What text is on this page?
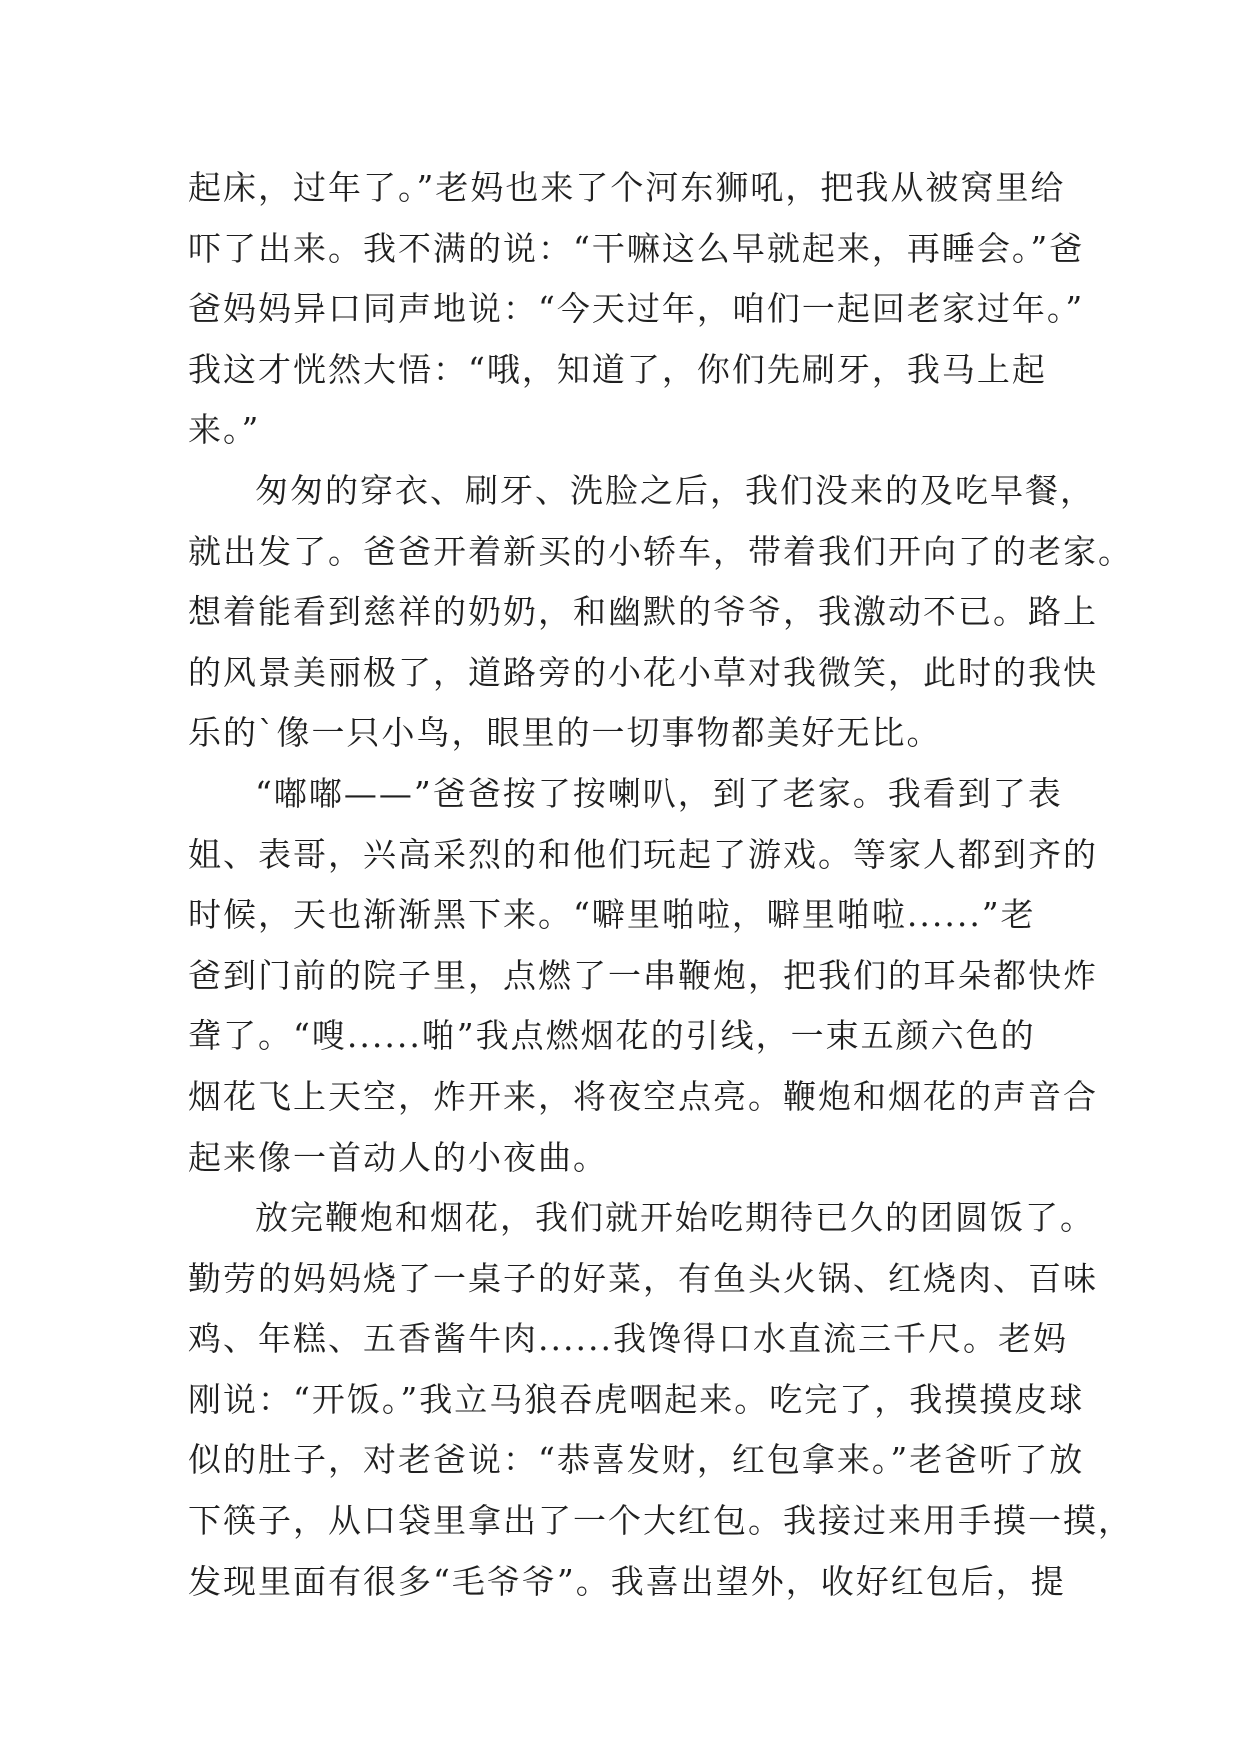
起床，过年了。”老妈也来了个河东狮吼，把我从被窝里给
吓了出来。我不满的说：“干嘛这么早就起来，再睡会。”爸
爸妈妈异口同声地说：“今天过年，咱们一起回老家过年。”
我这才恍然大悟：“哦，知道了，你们先刷牙，我马上起
来。”
匆匆的穿衣、刷牙、洗脸之后，我们没来的及吃早餐，
就出发了。爸爸开着新买的小轿车，带着我们开向了的老家。
想着能看到慈祥的奶奶，和幽默的爷爷，我激动不已。路上
的风景美丽极了，道路旁的小花小草对我微笑，此时的我快
乐的`像一只小鸟，眼里的一切事物都美好无比。
“嘟嘟——”爸爸按了按喇叭，到了老家。我看到了表
姐、表哥，兴高采烈的和他们玩起了游戏。等家人都到齐的
时候，天也渐渐黑下来。“噼里啪啦，噼里啪啦......”老
爸到门前的院子里，点燃了一串鞭炮，把我们的耳朵都快炸
聋了。“嗖......啪”我点燃烟花的引线，一束五颜六色的
烟花飞上天空，炸开来，将夜空点亮。鞭炮和烟花的声音合
起来像一首动人的小夜曲。
放完鞭炮和烟花，我们就开始吃期待已久的团圆饭了。
勤劳的妈妈烧了一桌子的好菜，有鱼头火锅、红烧肉、百味
鸡、年糕、五香酱牛肉......我馋得口水直流三千尺。老妈
刚说：“开饭。”我立马狼吞虎咽起来。吃完了，我摸摸皮球
似的肚子，对老爸说：“恭喜发财，红包拿来。”老爸听了放
下筷子，从口袋里拿出了一个大红包。我接过来用手摸一摸，
发现里面有很多“毛爷爷”。我喜出望外，收好红包后，提
